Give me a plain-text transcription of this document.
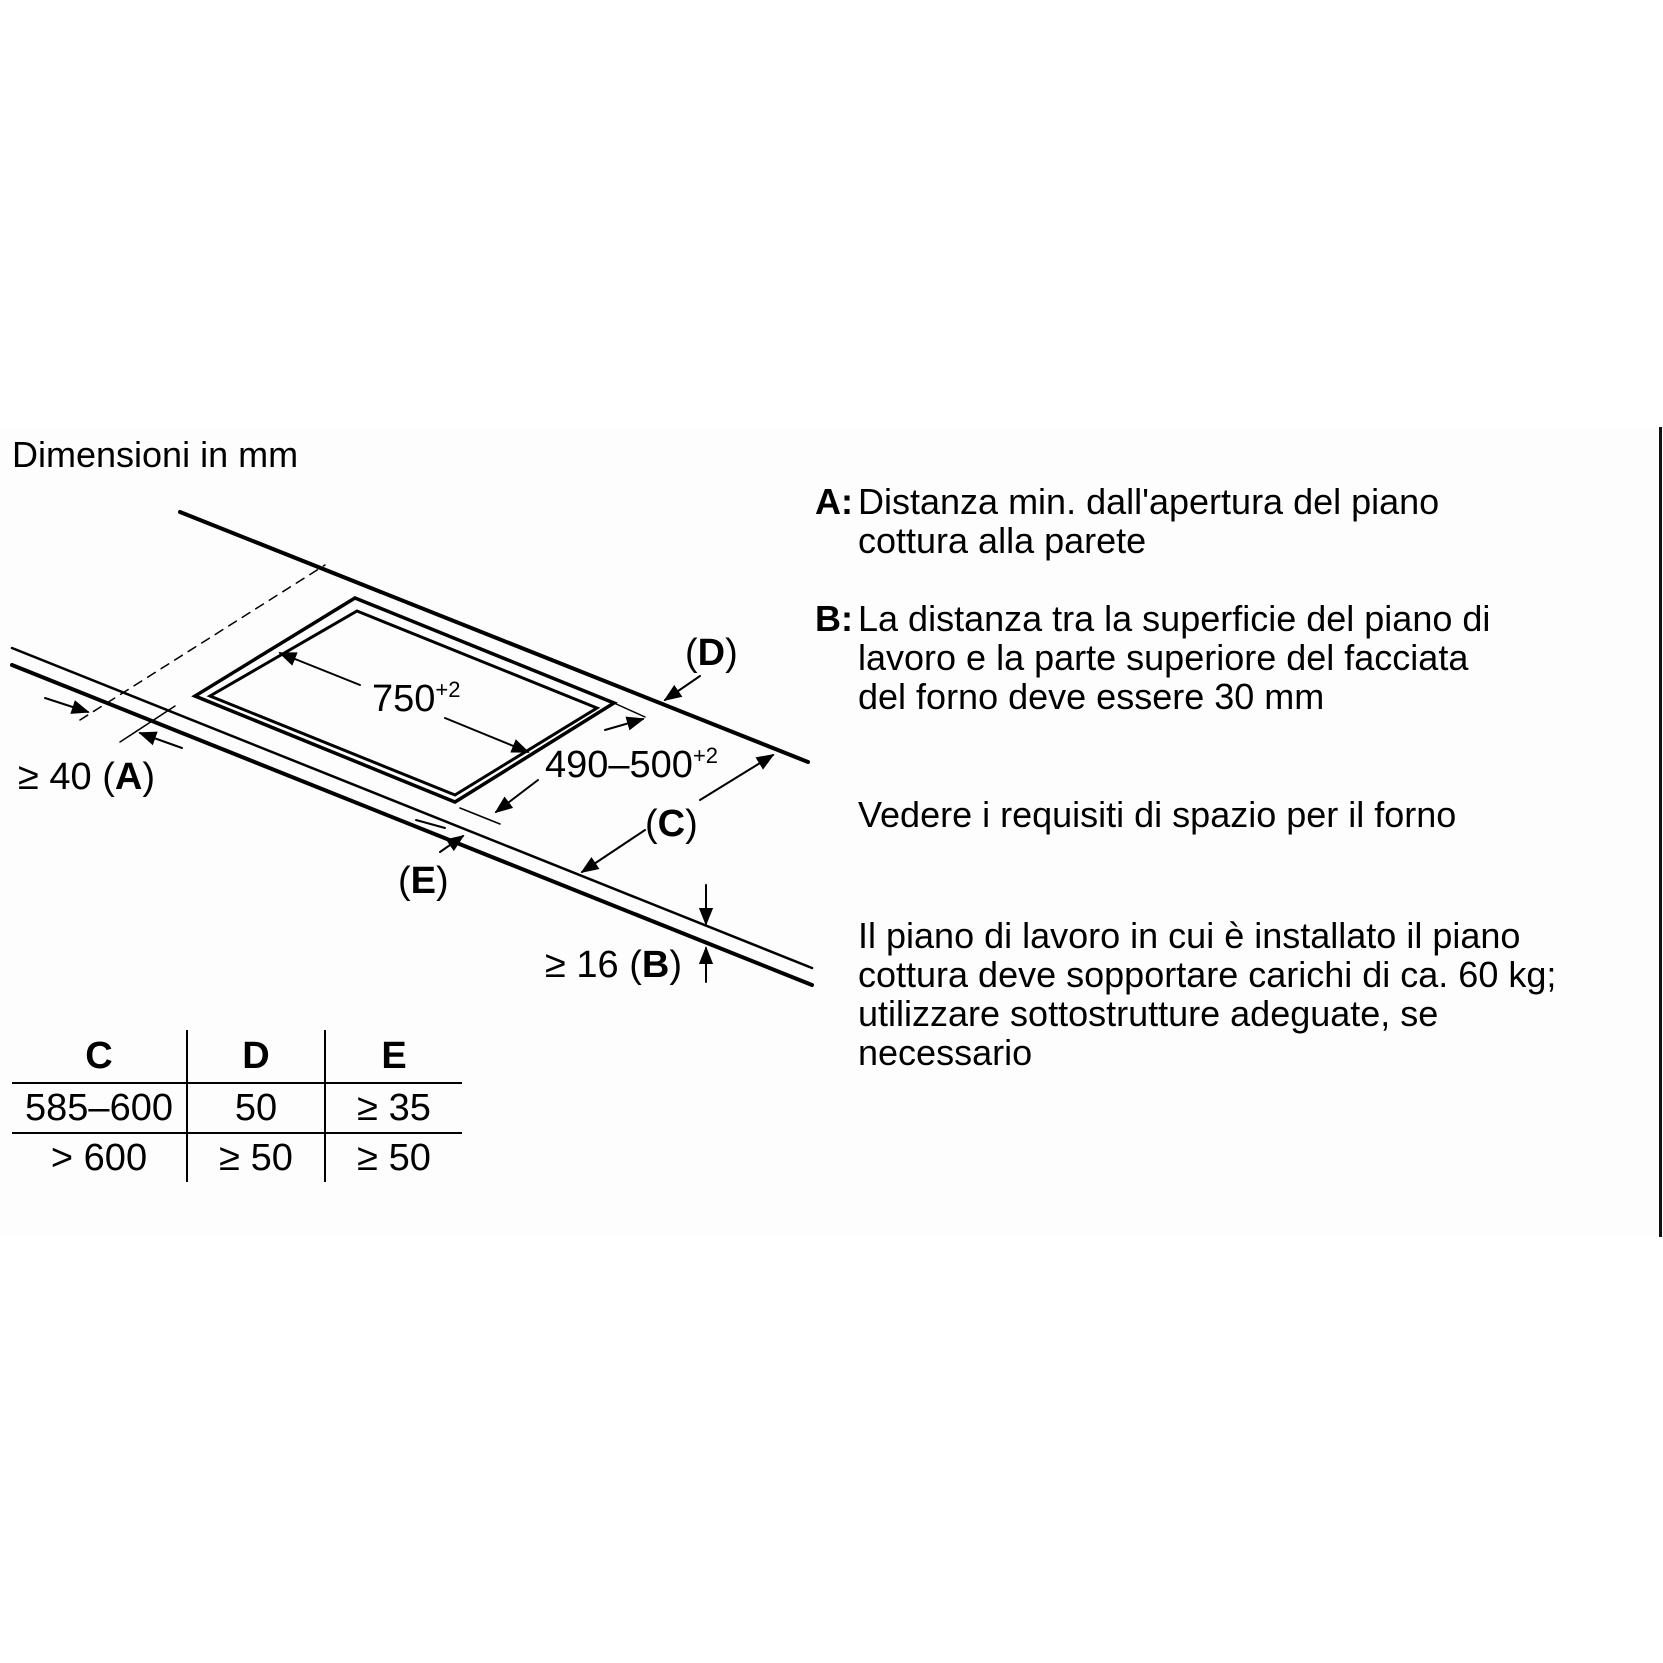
Dimensioni in mm
$750^{+2}$
$490-500^{+2}$
(D)
(C)
(E)
≥ 40 (A)
≥ 16 (B)
A: Distanza min. dall'apertura del piano
cottura alla parete
B: La distanza tra la superficie del piano di
lavoro e la parte superiore del facciata
del forno deve essere 30 mm
Vedere i requisiti di spazio per il forno
Il piano di lavoro in cui è installato il piano
cottura deve sopportare carichi di ca. 60 kg;
utilizzare sottostrutture adeguate, se
necessario
C	D	E
585–600	50	≥ 35
> 600	≥ 50	≥ 50
